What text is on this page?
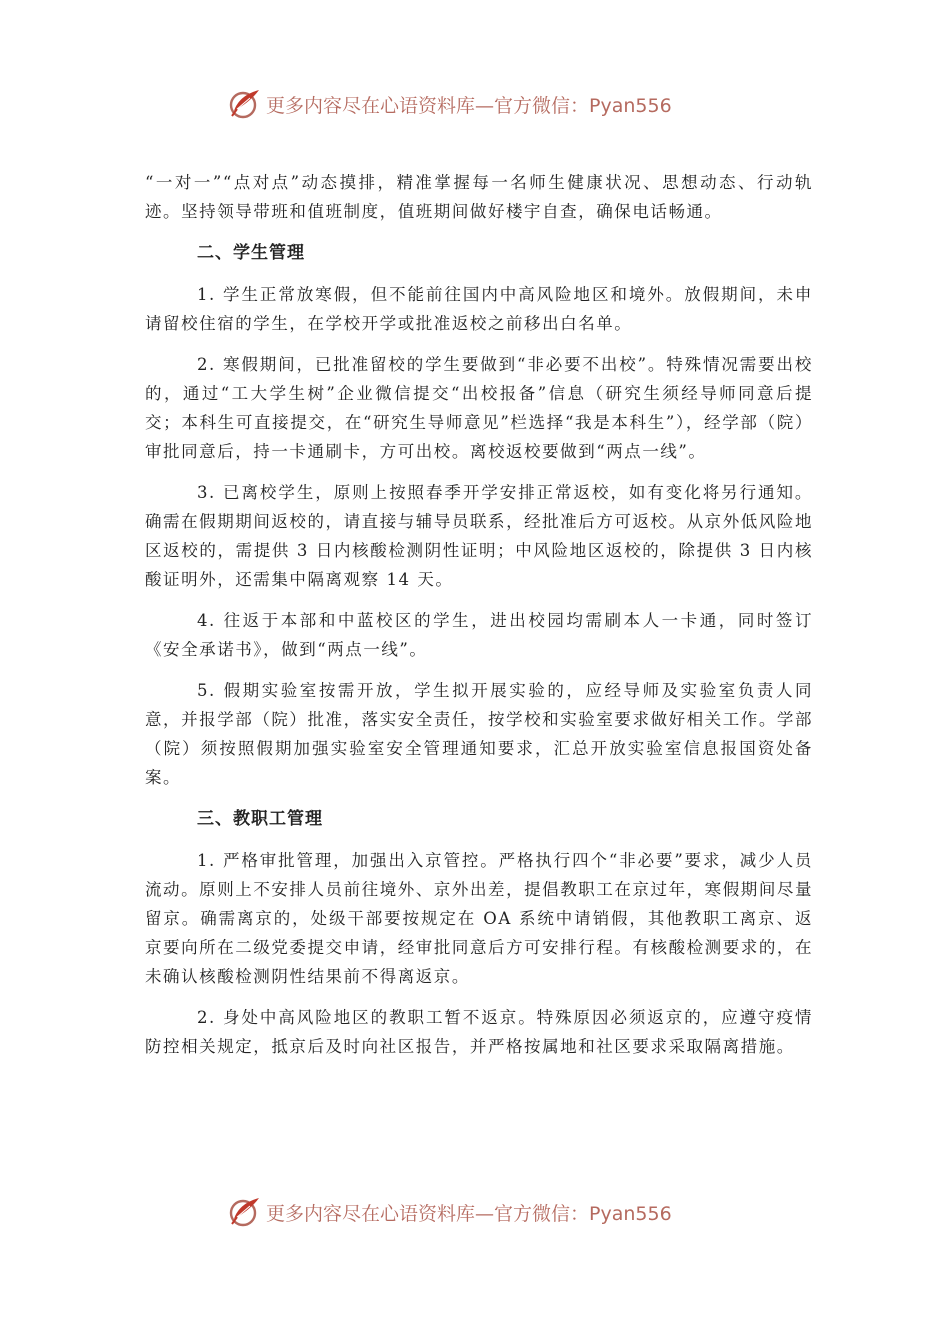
更多内容尽在心语资料库—官方微信：Pyan556

“一对一”“点对点”动态摸排，精准掌握每一名师生健康状况、思想动态、行动轨迹。坚持领导带班和值班制度，值班期间做好楼宇自查，确保电话畅通。

二、学生管理

1. 学生正常放寒假，但不能前往国内中高风险地区和境外。放假期间，未申请留校住宿的学生，在学校开学或批准返校之前移出白名单。

2. 寒假期间，已批准留校的学生要做到“非必要不出校”。特殊情况需要出校的，通过“工大学生树”企业微信提交“出校报备”信息（研究生须经导师同意后提交；本科生可直接提交，在“研究生导师意见”栏选择“我是本科生”），经学部（院）审批同意后，持一卡通刷卡，方可出校。离校返校要做到“两点一线”。

3. 已离校学生，原则上按照春季开学安排正常返校，如有变化将另行通知。确需在假期期间返校的，请直接与辅导员联系，经批准后方可返校。从京外低风险地区返校的，需提供 3 日内核酸检测阴性证明；中风险地区返校的，除提供 3 日内核酸证明外，还需集中隔离观察 14 天。

4. 往返于本部和中蓝校区的学生，进出校园均需刷本人一卡通，同时签订《安全承诺书》，做到“两点一线”。

5. 假期实验室按需开放，学生拟开展实验的，应经导师及实验室负责人同意，并报学部（院）批准，落实安全责任，按学校和实验室要求做好相关工作。学部（院）须按照假期加强实验室安全管理通知要求，汇总开放实验室信息报国资处备案。

三、教职工管理

1. 严格审批管理，加强出入京管控。严格执行四个“非必要”要求，减少人员流动。原则上不安排人员前往境外、京外出差，提倡教职工在京过年，寒假期间尽量留京。确需离京的，处级干部要按规定在 OA 系统中请销假，其他教职工离京、返京要向所在二级党委提交申请，经审批同意后方可安排行程。有核酸检测要求的，在未确认核酸检测阴性结果前不得离返京。

2. 身处中高风险地区的教职工暂不返京。特殊原因必须返京的，应遵守疫情防控相关规定，抵京后及时向社区报告，并严格按属地和社区要求采取隔离措施。

更多内容尽在心语资料库—官方微信：Pyan556
